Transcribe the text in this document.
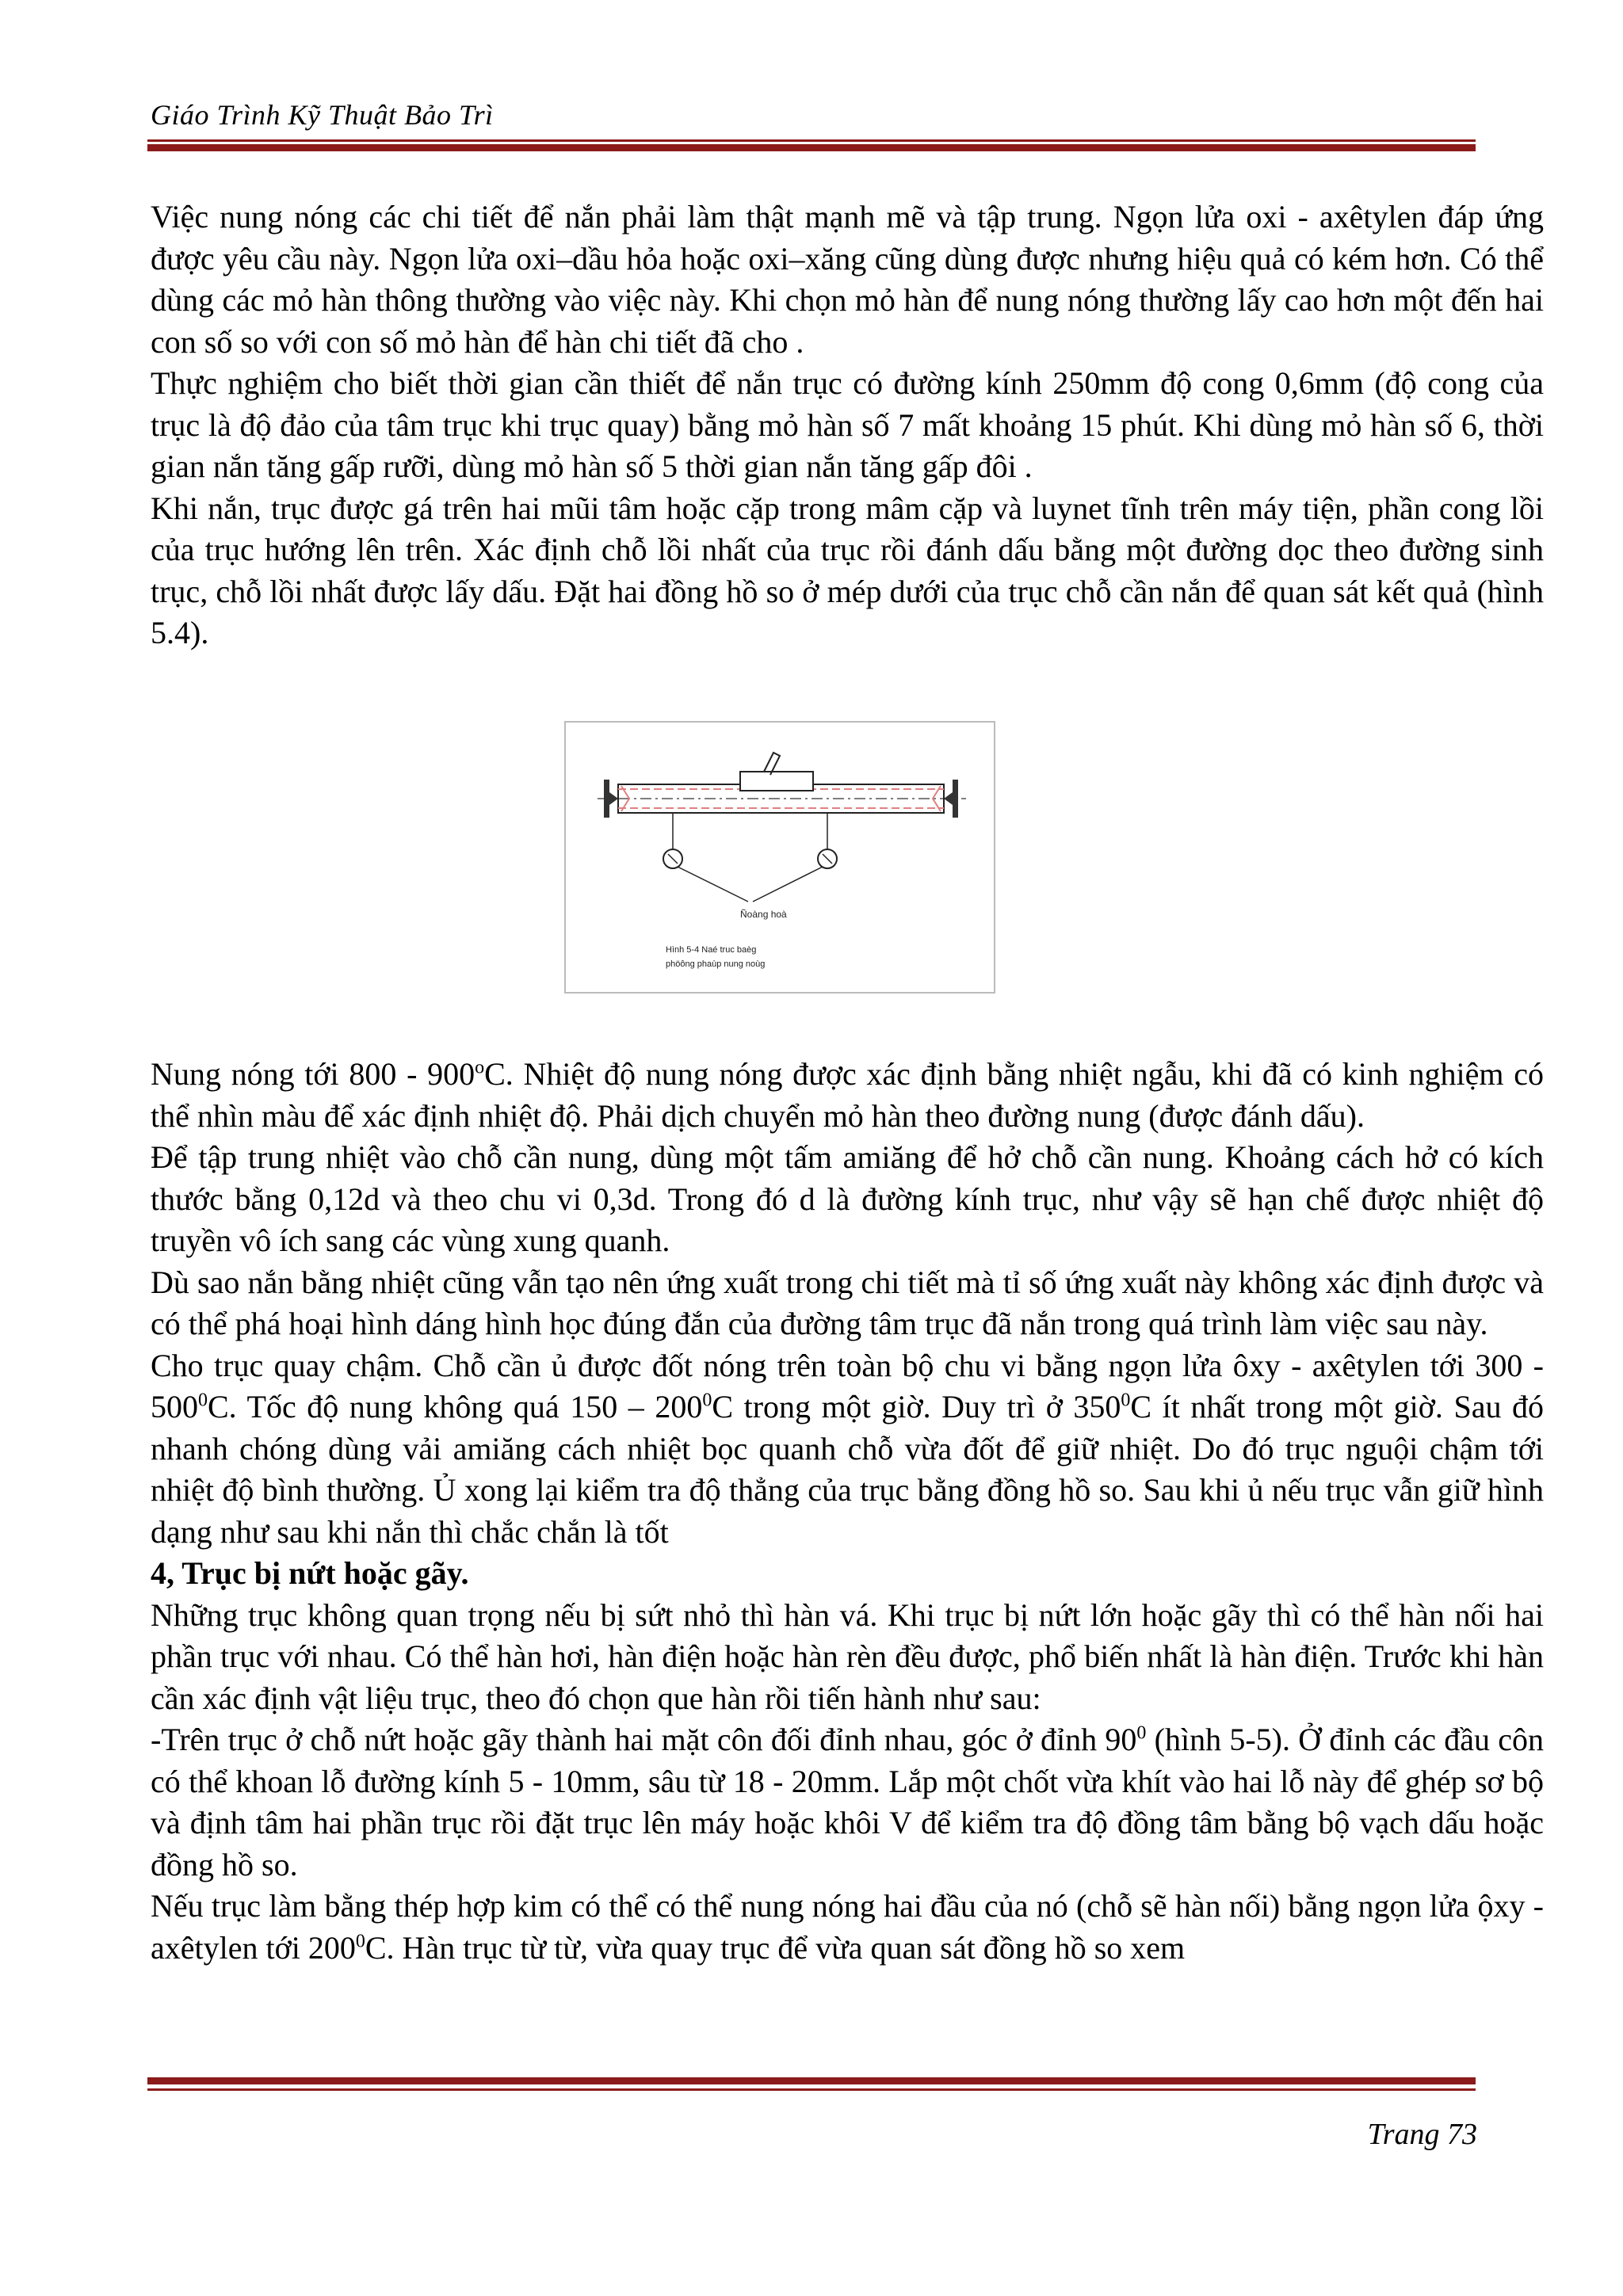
Giáo Trình Kỹ Thuật Bảo Trì

Việc nung nóng các chi tiết để nắn phải làm thật mạnh mẽ và tập trung. Ngọn lửa oxi - axêtylen đáp ứng được yêu cầu này. Ngọn lửa oxi–dầu hỏa hoặc oxi–xăng cũng dùng được nhưng hiệu quả có kém hơn. Có thể dùng các mỏ hàn thông thường vào việc này. Khi chọn mỏ hàn để nung nóng thường lấy cao hơn một đến hai con số so với con số mỏ hàn để hàn chi tiết đã cho .

Thực nghiệm cho biết thời gian cần thiết để nắn trục có đường kính 250mm độ cong 0,6mm (độ cong của trục là độ đảo của tâm trục khi trục quay) bằng mỏ hàn số 7 mất khoảng 15 phút. Khi dùng mỏ hàn số 6, thời gian nắn tăng gấp rưỡi, dùng mỏ hàn số 5 thời gian nắn tăng gấp đôi .

Khi nắn, trục được gá trên hai mũi tâm hoặc cặp trong mâm cặp và luynet tĩnh trên máy tiện, phần cong lồi của trục hướng lên trên. Xác định chỗ lồi nhất của trục rồi đánh dấu bằng một đường dọc theo đường sinh trục, chỗ lồi nhất được lấy dấu. Đặt hai đồng hồ so ở mép dưới của trục chỗ cần nắn để quan sát kết quả (hình 5.4).

Ñoàng hoà
Hình 5-4 Naé truc baèg
phöông phaùp nung noùg

Nung nóng tới 800 - 900$^o$C. Nhiệt độ nung nóng được xác định bằng nhiệt ngẫu, khi đã có kinh nghiệm có thể nhìn màu để xác định nhiệt độ. Phải dịch chuyển mỏ hàn theo đường nung (được đánh dấu).

Để tập trung nhiệt vào chỗ cần nung, dùng một tấm amiăng để hở chỗ cần nung. Khoảng cách hở có kích thước bằng 0,12d và theo chu vi 0,3d. Trong đó d là đường kính trục, như vậy sẽ hạn chế được nhiệt độ truyền vô ích sang các vùng xung quanh.

Dù sao nắn bằng nhiệt cũng vẫn tạo nên ứng xuất trong chi tiết mà tỉ số ứng xuất này không xác định được và có thể phá hoại hình dáng hình học đúng đắn của đường tâm trục đã nắn trong quá trình làm việc sau này.

Cho trục quay chậm. Chỗ cần ủ được đốt nóng trên toàn bộ chu vi bằng ngọn lửa ôxy - axêtylen tới $300 - 500^0C$. Tốc độ nung không quá $150 - 200^0C$ trong một giờ. Duy trì ở $350^0C$ ít nhất trong một giờ. Sau đó nhanh chóng dùng vải amiăng cách nhiệt bọc quanh chỗ vừa đốt để giữ nhiệt. Do đó trục nguội chậm tới nhiệt độ bình thường. Ủ xong lại kiểm tra độ thẳng của trục bằng đồng hồ so. Sau khi ủ nếu trục vẫn giữ hình dạng như sau khi nắn thì chắc chắn là tốt

4, Trục bị nứt hoặc gãy.

Những trục không quan trọng nếu bị sứt nhỏ thì hàn vá. Khi trục bị nứt lớn hoặc gãy thì có thể hàn nối hai phần trục với nhau. Có thể hàn hơi, hàn điện hoặc hàn rèn đều được, phổ biến nhất là hàn điện. Trước khi hàn cần xác định vật liệu trục, theo đó chọn que hàn rồi tiến hành như sau:

-Trên trục ở chỗ nứt hoặc gãy thành hai mặt côn đối đỉnh nhau, góc ở đỉnh $90^0$ (hình 5-5). Ở đỉnh các đầu côn có thể khoan lỗ đường kính 5 - 10mm, sâu từ 18 - 20mm. Lắp một chốt vừa khít vào hai lỗ này để ghép sơ bộ và định tâm hai phần trục rồi đặt trục lên máy hoặc khôi V để kiểm tra độ đồng tâm bằng bộ vạch dấu hoặc đồng hồ so.

Nếu trục làm bằng thép hợp kim có thể có thể nung nóng hai đầu của nó (chỗ sẽ hàn nối) bằng ngọn lửa ộxy - axêtylen tới $200^0C$. Hàn trục từ từ, vừa quay trục để vừa quan sát đồng hồ so xem

Trang 73
